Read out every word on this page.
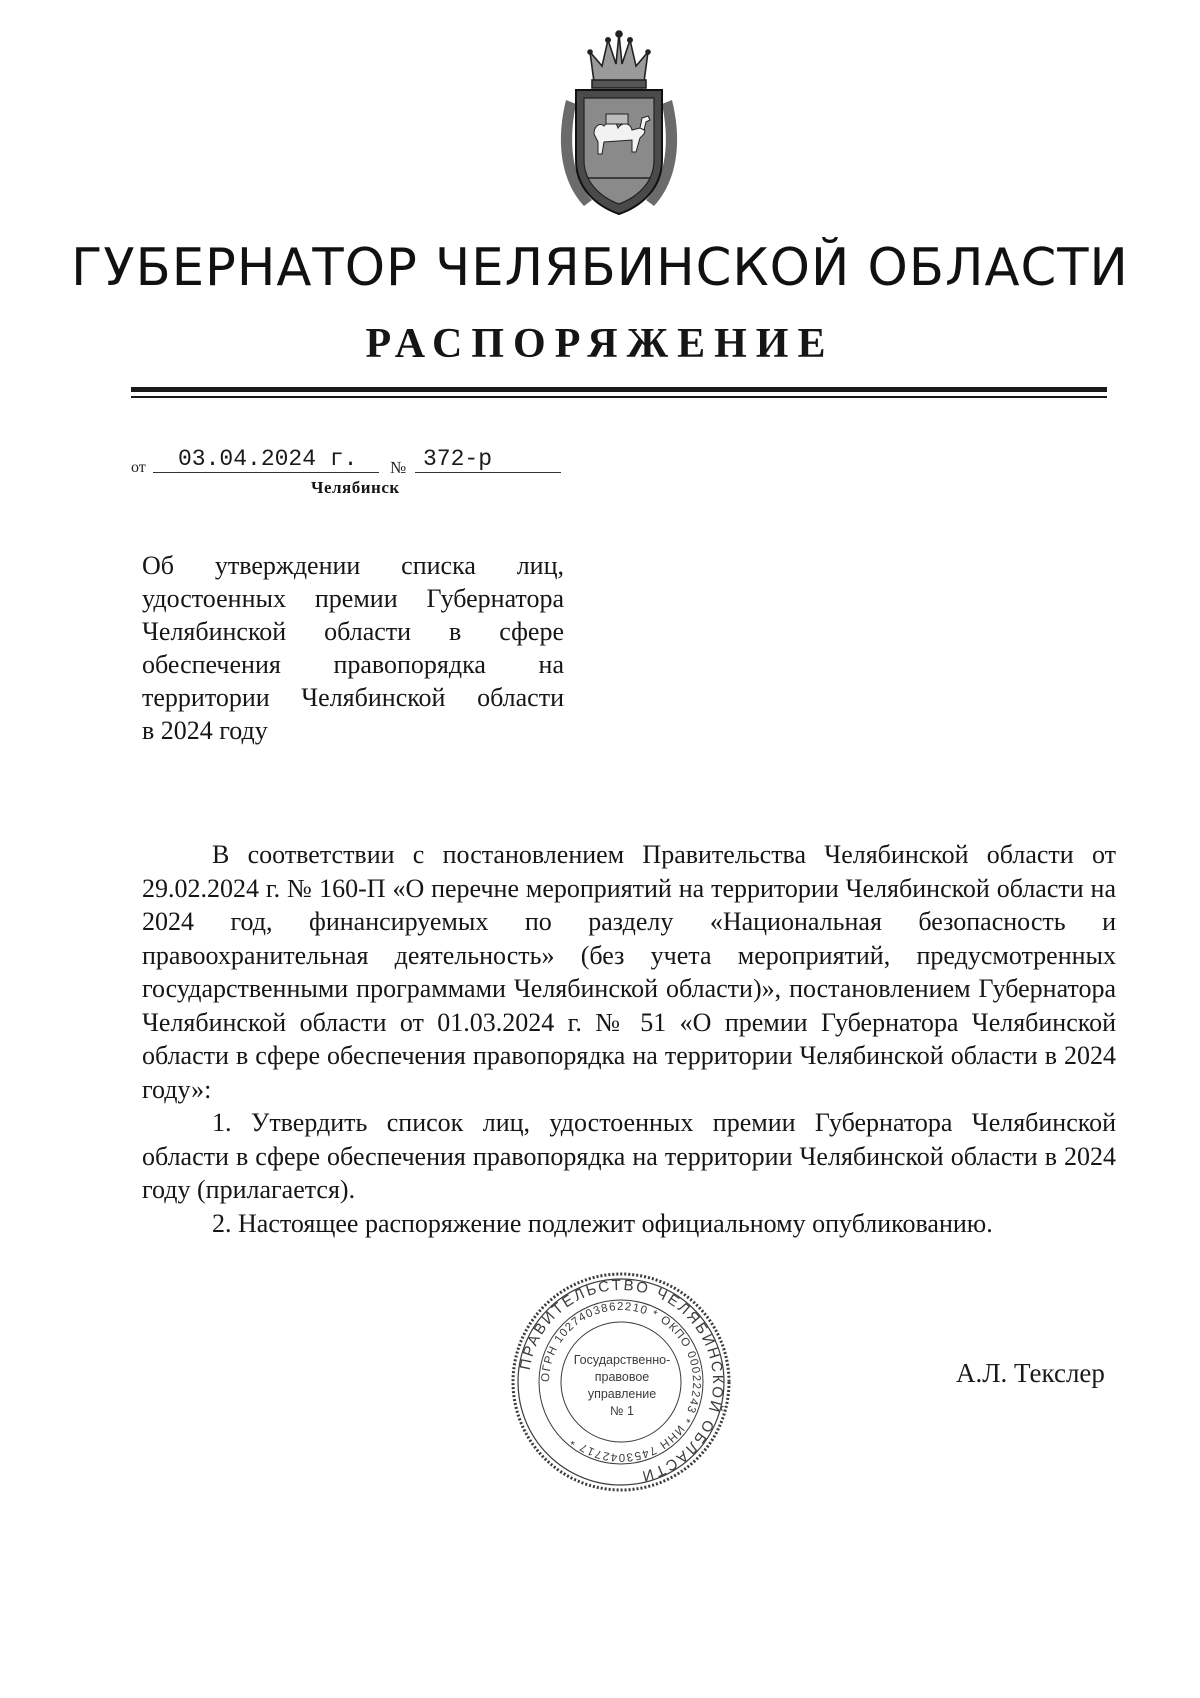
ГУБЕРНАТОР ЧЕЛЯБИНСКОЙ ОБЛАСТИ
РАСПОРЯЖЕНИЕ
от 03.04.2024 г. № 372-р
Челябинск
Об утверждении списка лиц,
удостоенных премии Губернатора
Челябинской области в сфере
обеспечения правопорядка на
территории Челябинской области
в 2024 году

В соответствии с постановлением Правительства Челябинской области от 29.02.2024 г. № 160-П «О перечне мероприятий на территории Челябинской области на 2024 год, финансируемых по разделу «Национальная безопасность и правоохранительная деятельность» (без учета мероприятий, предусмотренных государственными программами Челябинской области)», постановлением Губернатора Челябинской области от 01.03.2024 г. № 51 «О премии Губернатора Челябинской области в сфере обеспечения правопорядка на территории Челябинской области в 2024 году»:

1. Утвердить список лиц, удостоенных премии Губернатора Челябинской области в сфере обеспечения правопорядка на территории Челябинской области в 2024 году (прилагается).

2. Настоящее распоряжение подлежит официальному опубликованию.

ПРАВИТЕЛЬСТВО ЧЕЛЯБИНСКОЙ ОБЛАСТИ
ОГРН 1027403862210 * ОКПО 00022243 * ИНН 7453042717 *
Государственно-
правовое
управление
№ 1
А.Л. Текслер
